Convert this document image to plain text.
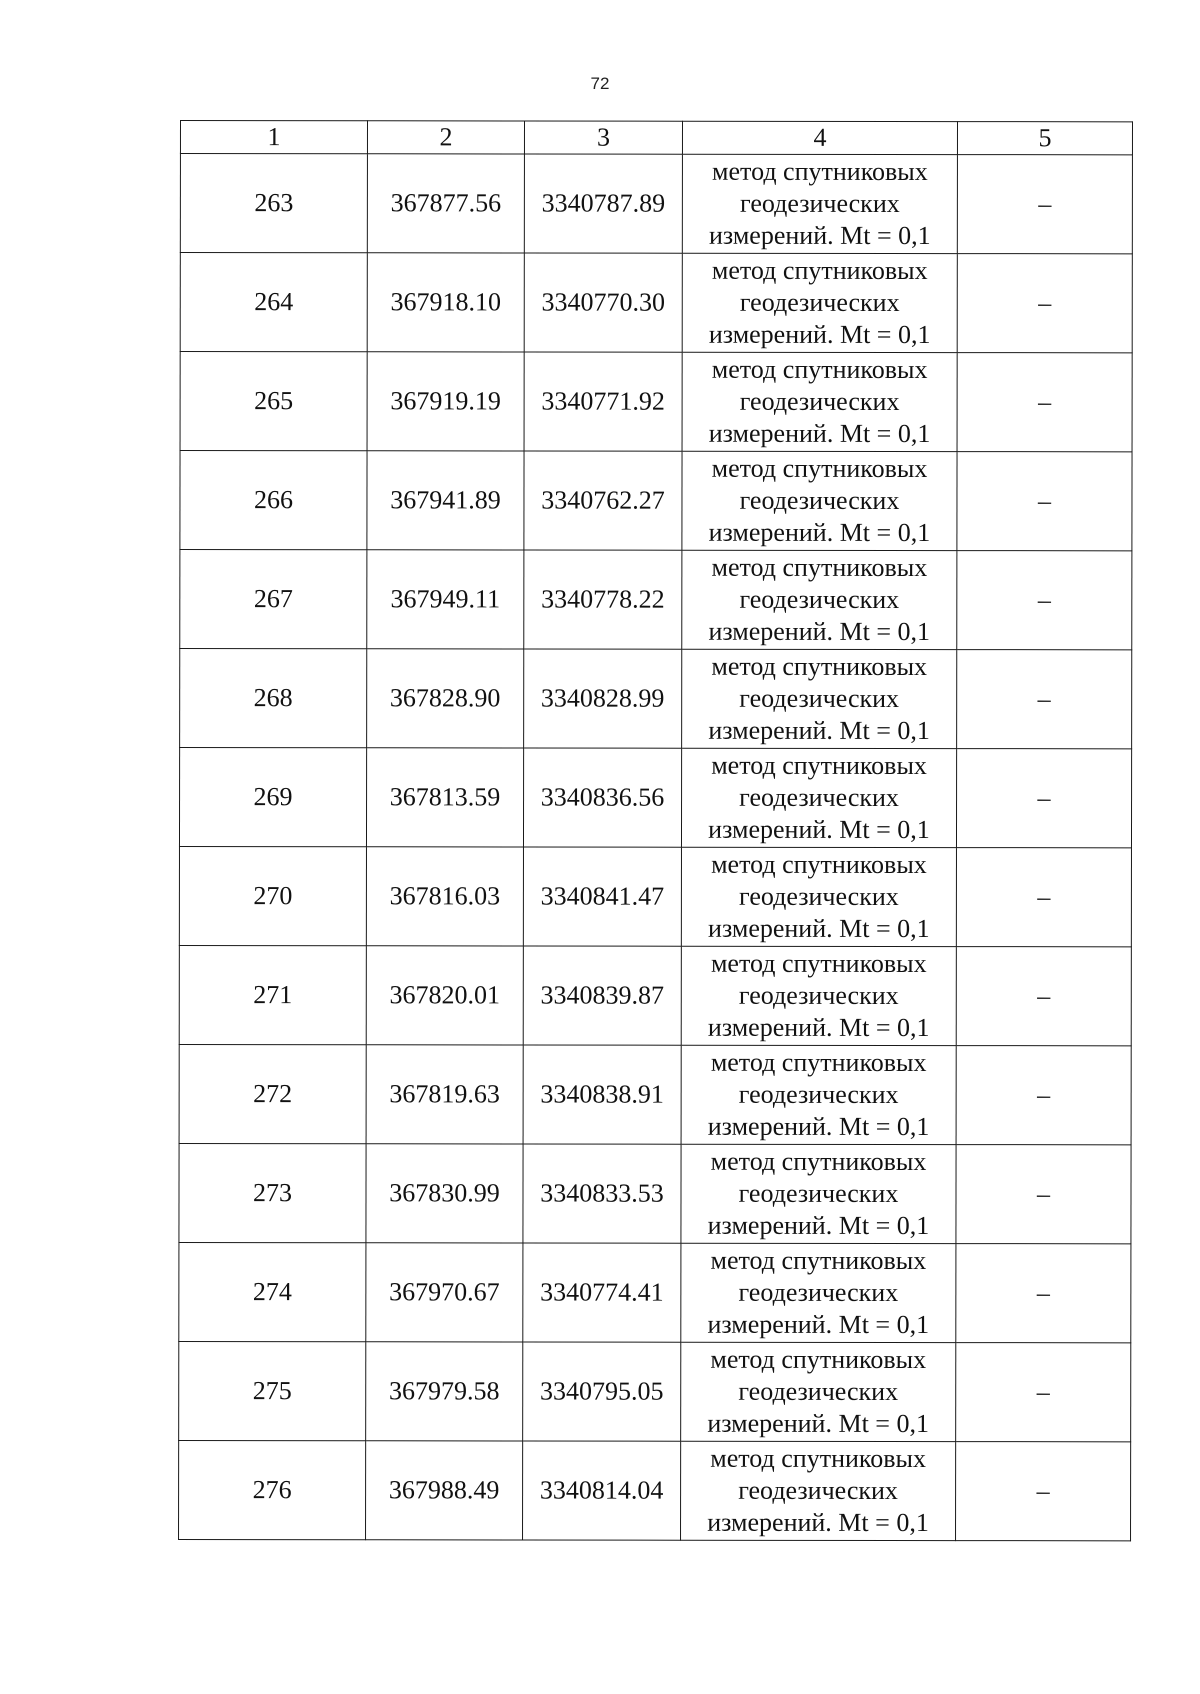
72
1	2	3	4	5
263	367877.56	3340787.89	метод спутниковых геодезических измерений. Mt = 0,1	–
264	367918.10	3340770.30	метод спутниковых геодезических измерений. Mt = 0,1	–
265	367919.19	3340771.92	метод спутниковых геодезических измерений. Mt = 0,1	–
266	367941.89	3340762.27	метод спутниковых геодезических измерений. Mt = 0,1	–
267	367949.11	3340778.22	метод спутниковых геодезических измерений. Mt = 0,1	–
268	367828.90	3340828.99	метод спутниковых геодезических измерений. Mt = 0,1	–
269	367813.59	3340836.56	метод спутниковых геодезических измерений. Mt = 0,1	–
270	367816.03	3340841.47	метод спутниковых геодезических измерений. Mt = 0,1	–
271	367820.01	3340839.87	метод спутниковых геодезических измерений. Mt = 0,1	–
272	367819.63	3340838.91	метод спутниковых геодезических измерений. Mt = 0,1	–
273	367830.99	3340833.53	метод спутниковых геодезических измерений. Mt = 0,1	–
274	367970.67	3340774.41	метод спутниковых геодезических измерений. Mt = 0,1	–
275	367979.58	3340795.05	метод спутниковых геодезических измерений. Mt = 0,1	–
276	367988.49	3340814.04	метод спутниковых геодезических измерений. Mt = 0,1	–
